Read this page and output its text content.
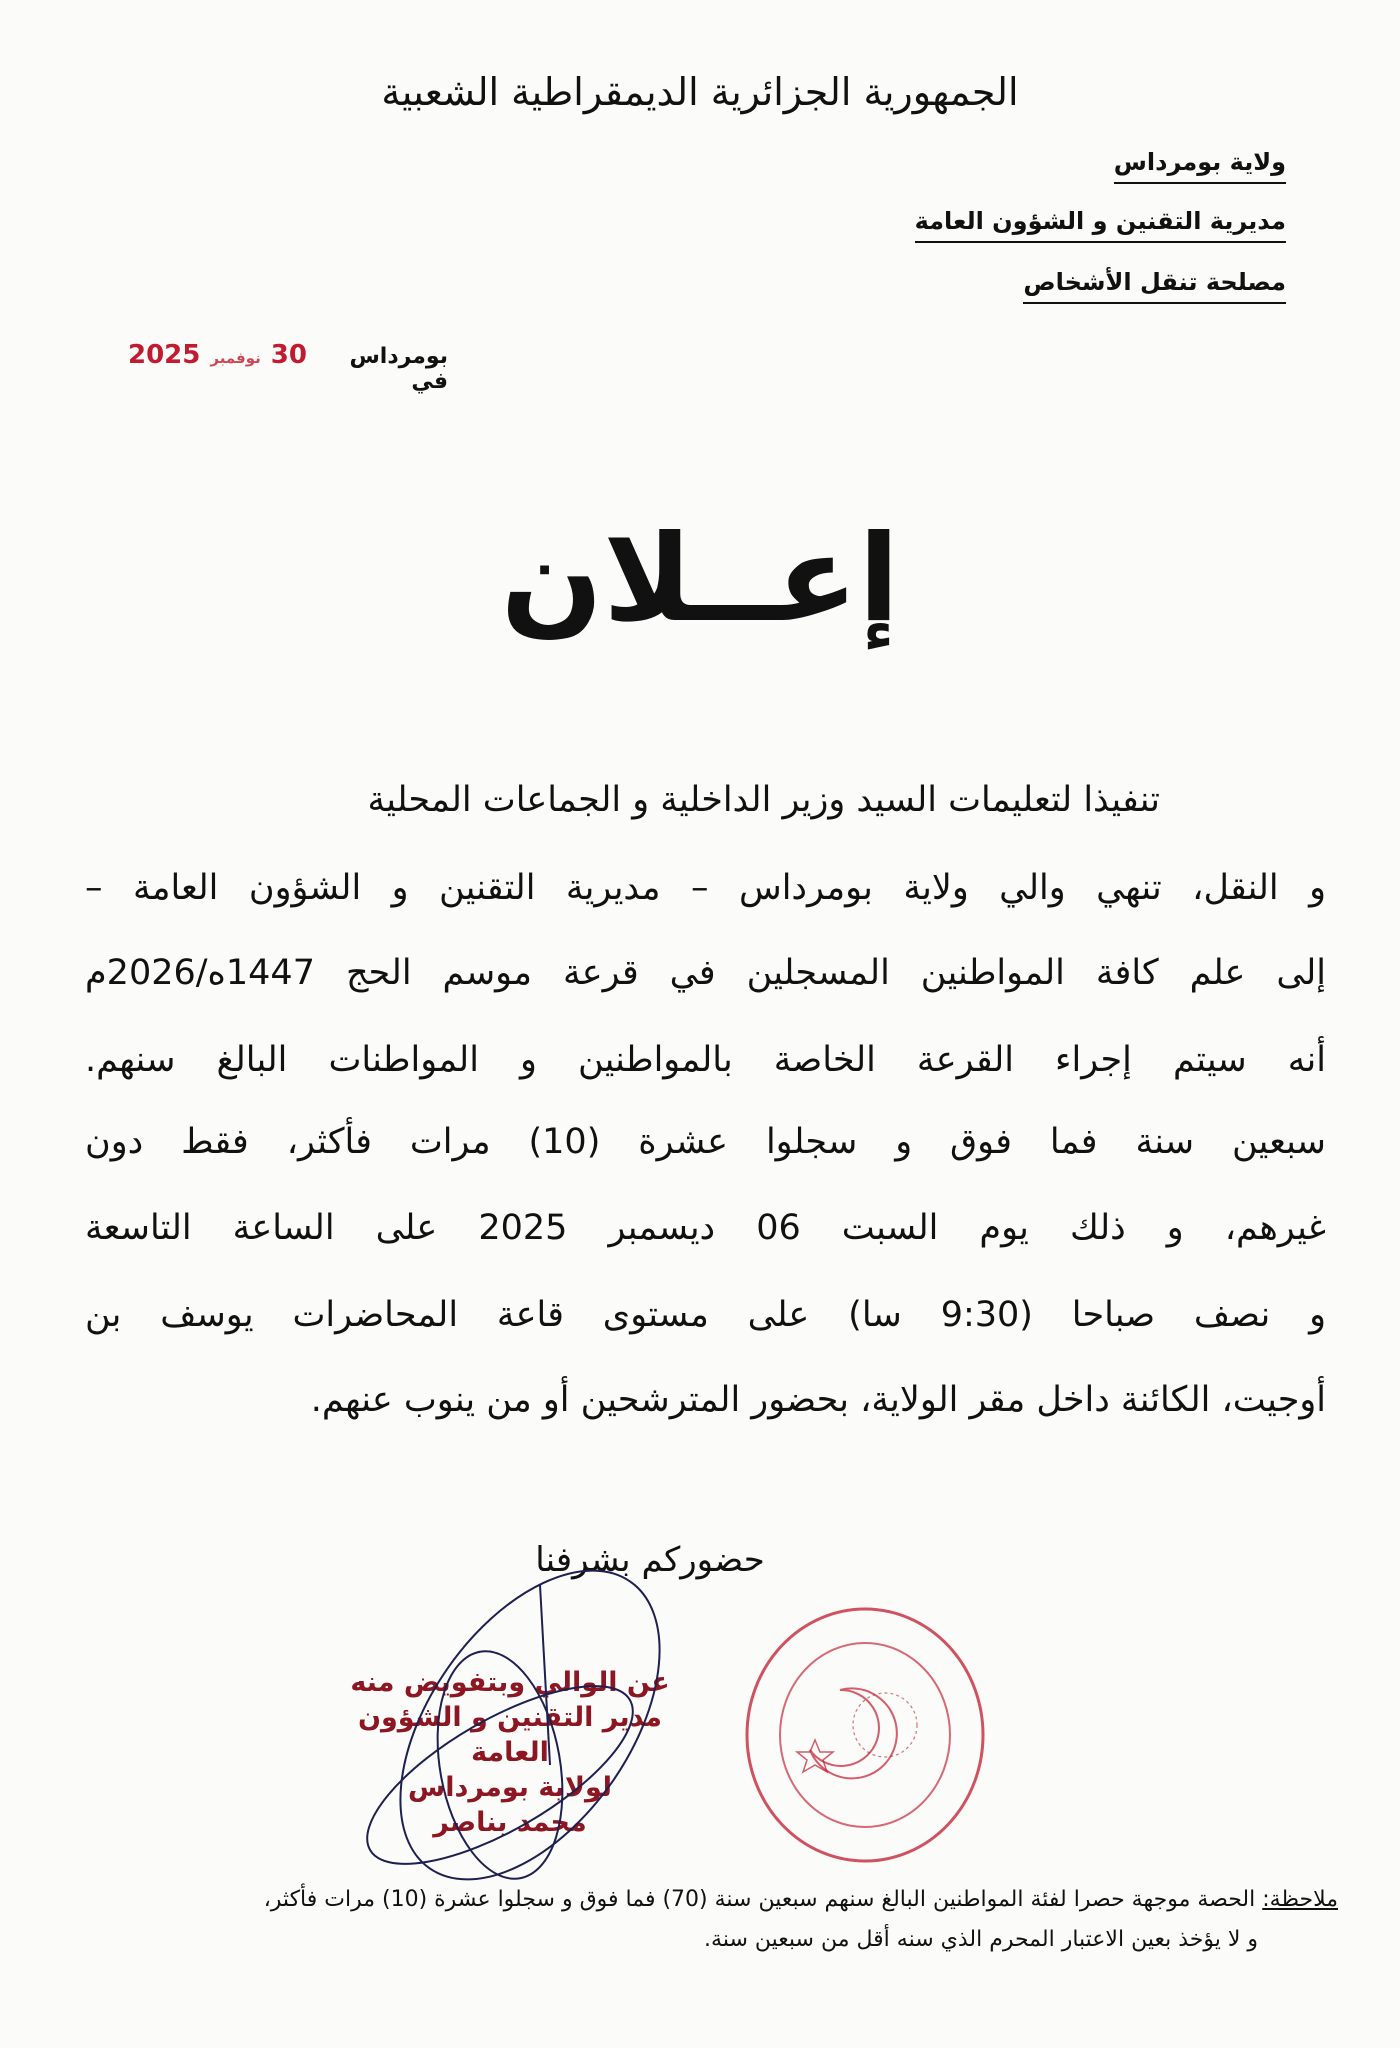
الجمهورية الجزائرية الديمقراطية الشعبية
ولاية بومرداس
مديرية التقنين و الشؤون العامة
مصلحة تنقل الأشخاص
بومرداس في
30
نوفمبر
2025
إعــلان
تنفيذا لتعليمات السيد وزير الداخلية و الجماعات المحلية
و النقل، تنهي والي ولاية بومرداس – مديرية التقنين و الشؤون العامة –
إلى علم كافة المواطنين المسجلين في قرعة موسم الحج 1447ه/2026م
أنه سيتم إجراء القرعة الخاصة بالمواطنين و المواطنات البالغ سنهم.
سبعين سنة فما فوق و سجلوا عشرة (10) مرات فأكثر، فقط دون
غيرهم، و ذلك يوم السبت 06 ديسمبر 2025 على الساعة التاسعة
و نصف صباحا (9:30 سا) على مستوى قاعة المحاضرات يوسف بن
أوجيت، الكائنة داخل مقر الولاية، بحضور المترشحين أو من ينوب عنهم.
حضوركم بشرفنا
عن الوالي وبتفويض منه
مدير التقنين و الشؤون العامة
لولاية بومرداس
محمد بناصر
ملاحظة: الحصة موجهة حصرا لفئة المواطنين البالغ سنهم سبعين سنة (70) فما فوق و سجلوا عشرة (10) مرات فأكثر،
و لا يؤخذ بعين الاعتبار المحرم الذي سنه أقل من سبعين سنة.
